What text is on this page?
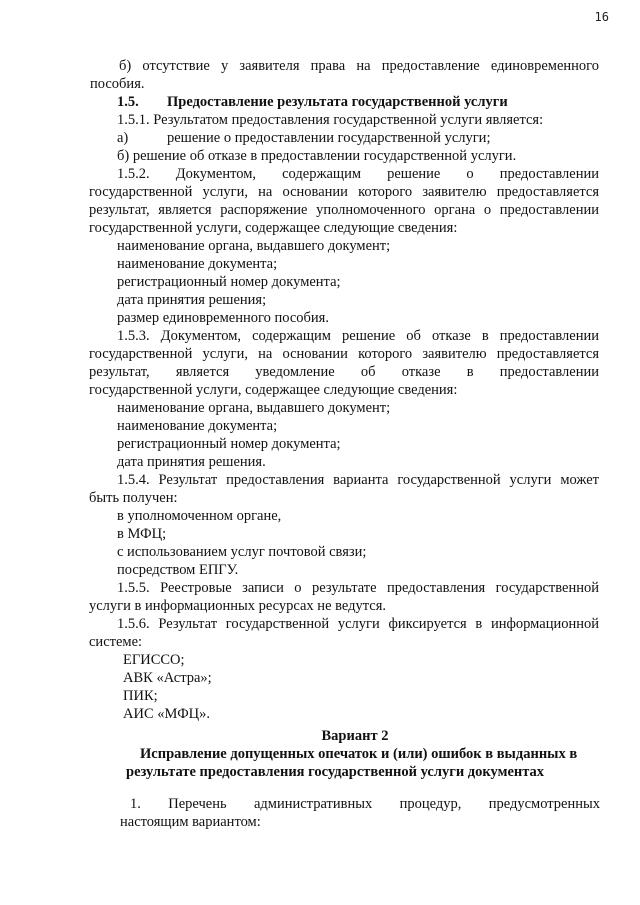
16

б) отсутствие у заявителя права на предоставление единовременного

пособия.

1.5. Предоставление результата государственной услуги

1.5.1. Результатом предоставления государственной услуги является:

а)	решение о предоставлении государственной услуги;

б) решение об отказе в предоставлении государственной услуги.

1.5.2. Документом, содержащим решение о предоставлении

государственной услуги, на основании которого заявителю предоставляется

результат, является распоряжение уполномоченного органа о предоставлении

государственной услуги, содержащее следующие сведения:

наименование органа, выдавшего документ;

наименование документа;

регистрационный номер документа;

дата принятия решения;

размер единовременного пособия.

1.5.3. Документом, содержащим решение об отказе в предоставлении

государственной услуги, на основании которого заявителю предоставляется

результат, является уведомление об отказе в предоставлении

государственной услуги, содержащее следующие сведения:

наименование органа, выдавшего документ;

наименование документа;

регистрационный номер документа;

дата принятия решения.

1.5.4. Результат предоставления варианта государственной услуги может

быть получен:

в уполномоченном органе,

в МФЦ;

с использованием услуг почтовой связи;

посредством ЕПГУ.

1.5.5. Реестровые записи о результате предоставления государственной

услуги в информационных ресурсах не ведутся.

1.5.6. Результат государственной услуги фиксируется в информационной

системе:

ЕГИССО;

АВК «Астра»;

ПИК;

АИС «МФЦ».

Вариант 2

Исправление допущенных опечаток и (или) ошибок в выданных в

результате предоставления государственной услуги документах

1. Перечень административных процедур, предусмотренных

настоящим вариантом:
